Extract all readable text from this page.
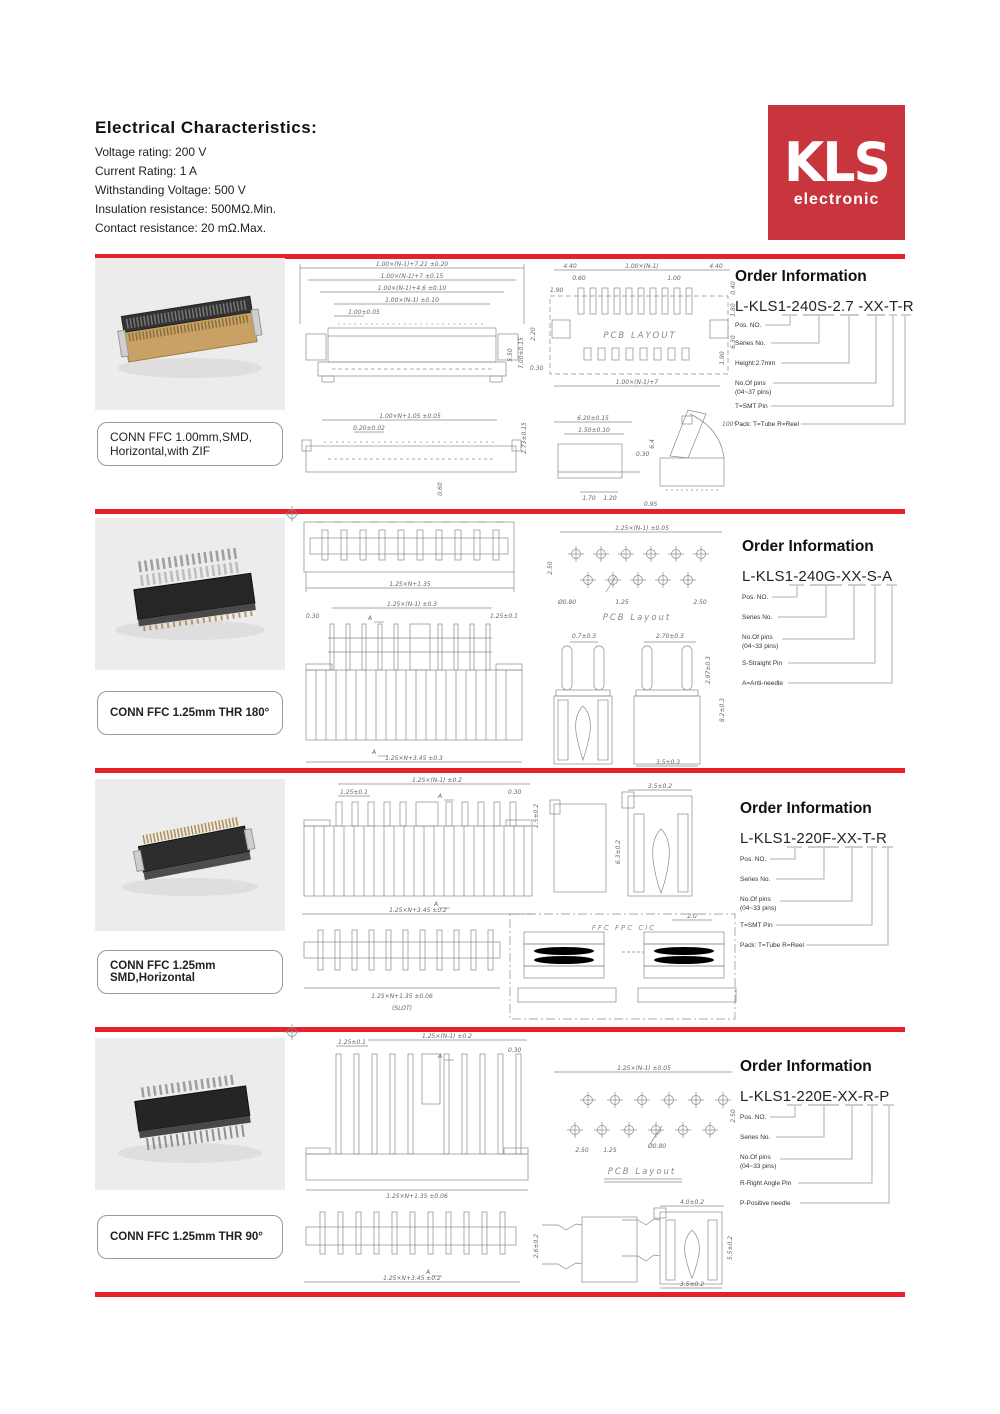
Electrical Characteristics:
Voltage rating: 200 V
Current Rating: 1 A
Withstanding Voltage: 500 V
Insulation resistance: 500MΩ.Min.
Contact resistance: 20 mΩ.Max.
KLS
electronic
CONN FFC 1.00mm,SMD,
Horizontal,with ZIF
1.00×(N-1)+7.21 ±0.20
1.00×(N-1)+7 ±0.15
1.00×(N-1)+4.6 ±0.10
1.00×(N-1) ±0.10
1.00±0.05
5.50 7.00±0.15
2.20
0.30
4.40	1.00×(N-1)	4.40
0.60	1.00
1.90
PCB LAYOUT
0.40
1.80
6.30
1.90
1.00×(N-1)+7
1.00×N+1.05 ±0.05
0.20±0.02	2.73±0.15
0.60
6.20±0.15
1.50±0.10
0.30
1.70 1.20
0.95
100°
6.4
Order Information
L-KLS1-240S-2.7 -XX-T-R
Pos. NO.
Series No.
Height:2.7mm
No.Of pins
(04~37 pins)
T=SMT Pin
Pack: T=Tube R=Reel
CONN FFC 1.25mm THR 180°
1.25×N+1.35
1.25×(N-1) ±0.3
0.30	A	1.25±0.1
A
1.25×N+3.45 ±0.3
1.25×(N-1) ±0.05
2.50
Ø0.80	1.25	2.50
PCB Layout
0.7±0.3	2.70±0.3
2.97±0.3
8.2±0.3
3.5±0.3
Order Information
L-KLS1-240G-XX-S-A
Pos. NO.
Series No.
No.Of pins
(04~33 pins)
S-Straight Pin
A=Anti-needle
CONN FFC 1.25mm SMD,Horizontal
1.25×(N-1) ±0.2
1.25±0.1
A
0.30
1.5±0.2
A
1.25×N+3.45 ±0.2
1.25×N+1.35 ±0.06
(SLOT)
3.5±0.2
6.3±0.2
FFC FPC CIC
2.0
Order Information
L-KLS1-220F-XX-T-R
Pos. NO.
Series No.
No.Of pins
(04~33 pins)
T=SMT Pin
Pack: T=Tube R=Reel
CONN FFC 1.25mm THR 90°
1.25±0.1
1.25×(N-1) ±0.2
0.30
A
1.25×N+1.35 ±0.06
1.25×(N-1) ±0.05
2.50
2.50 1.25
Ø0.80
PCB Layout
A
1.25×N+3.45 ±0.2
2.6±0.2
4.0±0.2
5.5±0.2
3.5±0.2
Order Information
L-KLS1-220E-XX-R-P
Pos. NO.
Series No.
No.Of pins
(04~33 pins)
R-Right Angle Pin
P-Positive needle
